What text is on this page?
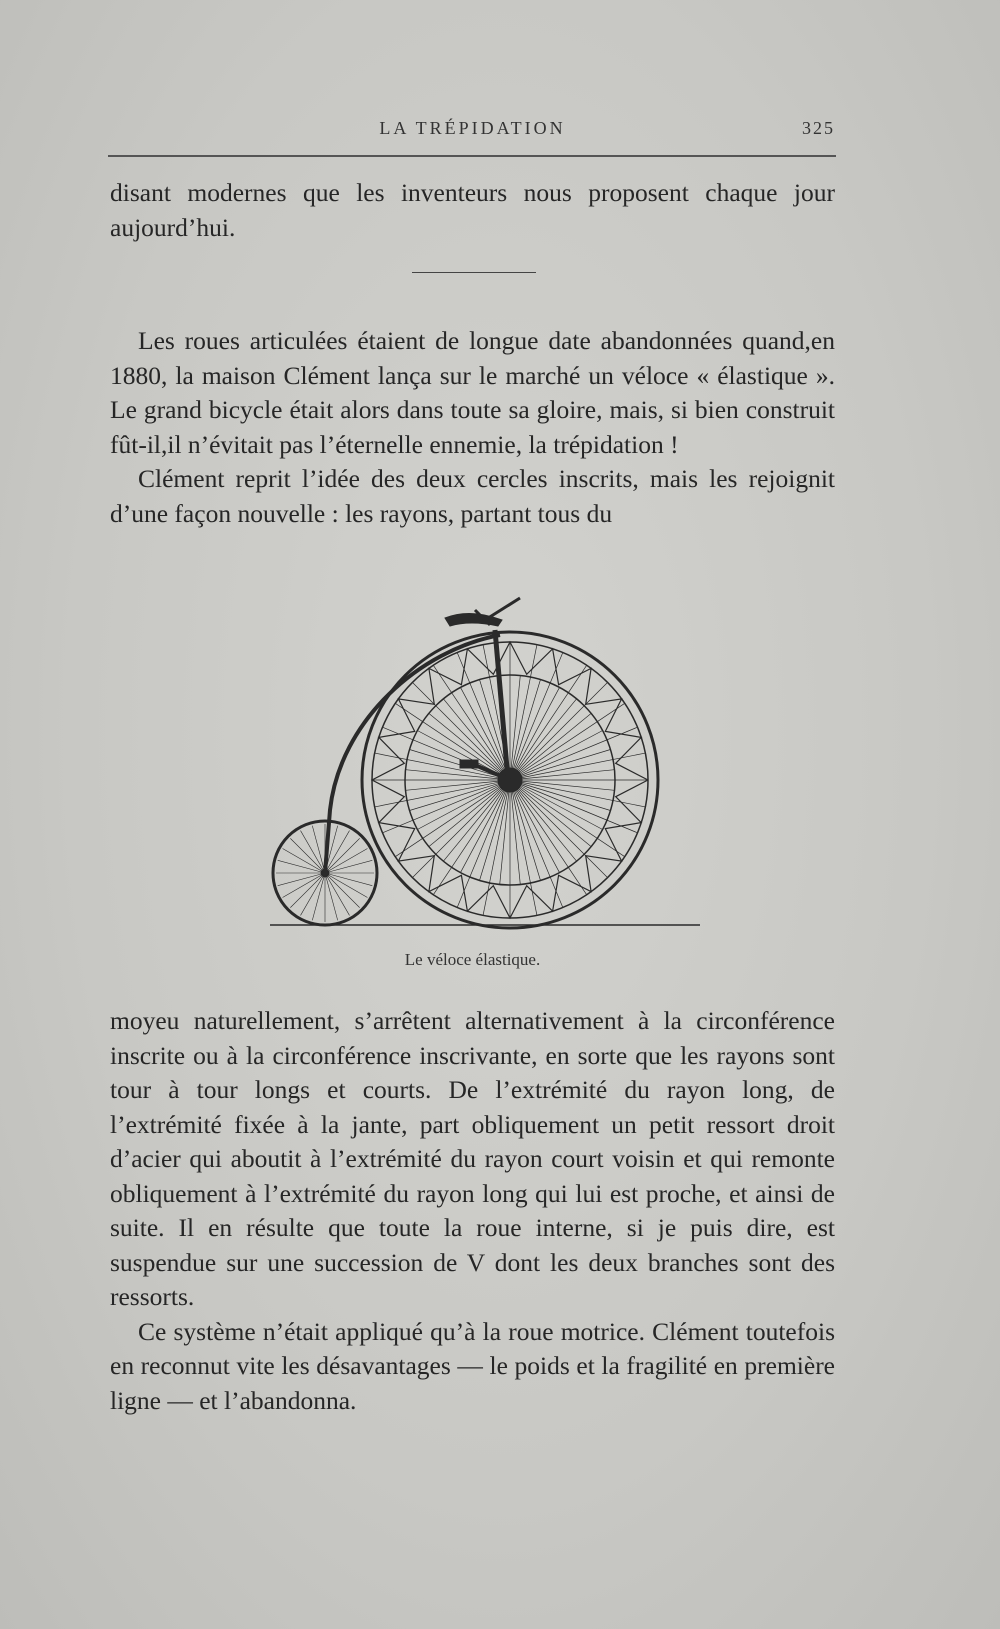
LA TRÉPIDATION	325

disant modernes que les inventeurs nous proposent chaque jour aujourd’hui.

Les roues articulées étaient de longue date abandonnées quand,en 1880, la maison Clément lança sur le marché un véloce « élastique ». Le grand bicycle était alors dans toute sa gloire, mais, si bien construit fût-il,il n’évitait pas l’éternelle ennemie, la trépidation !

Clément reprit l’idée des deux cercles inscrits, mais les rejoignit d’une façon nouvelle : les rayons, partant tous du

Le véloce élastique.

moyeu naturellement, s’arrêtent alternativement à la circonférence inscrite ou à la circonférence inscrivante, en sorte que les rayons sont tour à tour longs et courts. De l’extrémité du rayon long, de l’extrémité fixée à la jante, part obliquement un petit ressort droit d’acier qui aboutit à l’extrémité du rayon court voisin et qui remonte obliquement à l’extrémité du rayon long qui lui est proche, et ainsi de suite. Il en résulte que toute la roue interne, si je puis dire, est suspendue sur une succession de V dont les deux branches sont des ressorts.

Ce système n’était appliqué qu’à la roue motrice. Clément toutefois en reconnut vite les désavantages — le poids et la fragilité en première ligne — et l’abandonna.
